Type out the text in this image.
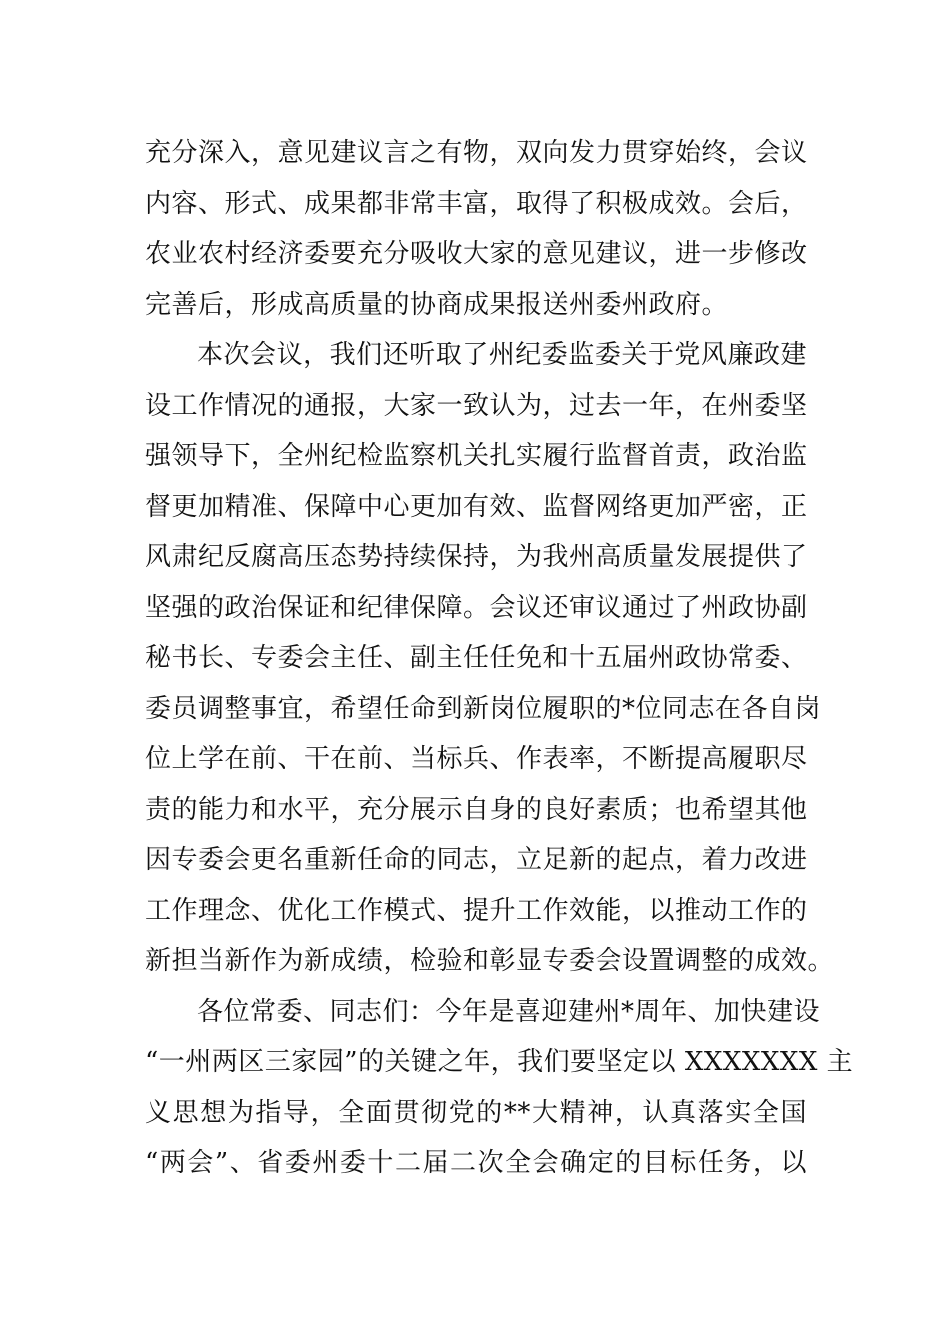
充分深入，意见建议言之有物，双向发力贯穿始终，会议
内容、形式、成果都非常丰富，取得了积极成效。会后，
农业农村经济委要充分吸收大家的意见建议，进一步修改
完善后，形成高质量的协商成果报送州委州政府。
本次会议，我们还听取了州纪委监委关于党风廉政建
设工作情况的通报，大家一致认为，过去一年，在州委坚
强领导下，全州纪检监察机关扎实履行监督首责，政治监
督更加精准、保障中心更加有效、监督网络更加严密，正
风肃纪反腐高压态势持续保持，为我州高质量发展提供了
坚强的政治保证和纪律保障。会议还审议通过了州政协副
秘书长、专委会主任、副主任任免和十五届州政协常委、
委员调整事宜，希望任命到新岗位履职的*位同志在各自岗
位上学在前、干在前、当标兵、作表率，不断提高履职尽
责的能力和水平，充分展示自身的良好素质；也希望其他
因专委会更名重新任命的同志，立足新的起点，着力改进
工作理念、优化工作模式、提升工作效能，以推动工作的
新担当新作为新成绩，检验和彰显专委会设置调整的成效。
各位常委、同志们：今年是喜迎建州*周年、加快建设
“一州两区三家园”的关键之年，我们要坚定以 XXXXXXX 主
义思想为指导，全面贯彻党的**大精神，认真落实全国
“两会”、省委州委十二届二次全会确定的目标任务，以
